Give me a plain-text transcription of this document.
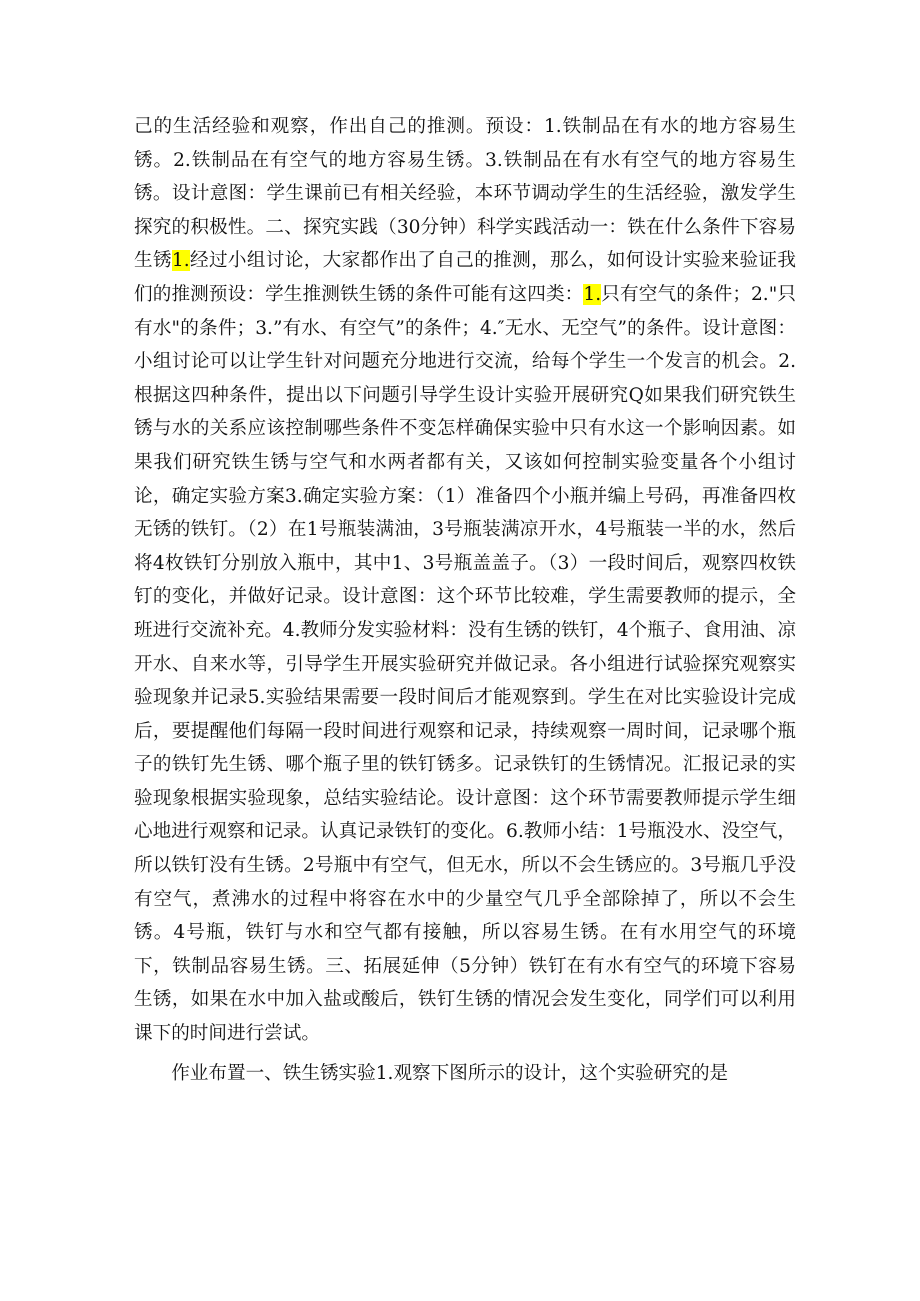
己的生活经验和观察，作出自己的推测。预设：1.铁制品在有水的地方容易生锈。2.铁制品在有空气的地方容易生锈。3.铁制品在有水有空气的地方容易生锈。设计意图：学生课前已有相关经验，本环节调动学生的生活经验，激发学生探究的积极性。二、探究实践（30分钟）科学实践活动一：铁在什么条件下容易生锈1.经过小组讨论，大家都作出了自己的推测，那么，如何设计实验来验证我们的推测预设：学生推测铁生锈的条件可能有这四类：1.只有空气的条件；2."只有水"的条件；3.”有水、有空气”的条件；4.″无水、无空气”的条件。设计意图：小组讨论可以让学生针对问题充分地进行交流，给每个学生一个发言的机会。2.根据这四种条件，提出以下问题引导学生设计实验开展研究Q如果我们研究铁生锈与水的关系应该控制哪些条件不变怎样确保实验中只有水这一个影响因素。如果我们研究铁生锈与空气和水两者都有关，又该如何控制实验变量各个小组讨论，确定实验方案3.确定实验方案：（1）准备四个小瓶并编上号码，再准备四枚无锈的铁钉。（2）在1号瓶装满油，3号瓶装满凉开水，4号瓶装一半的水，然后将4枚铁钉分别放入瓶中，其中1、3号瓶盖盖子。（3）一段时间后，观察四枚铁钉的变化，并做好记录。设计意图：这个环节比较难，学生需要教师的提示，全班进行交流补充。4.教师分发实验材料：没有生锈的铁钉，4个瓶子、食用油、凉开水、自来水等，引导学生开展实验研究并做记录。各小组进行试验探究观察实验现象并记录5.实验结果需要一段时间后才能观察到。学生在对比实验设计完成后，要提醒他们每隔一段时间进行观察和记录，持续观察一周时间，记录哪个瓶子的铁钉先生锈、哪个瓶子里的铁钉锈多。记录铁钉的生锈情况。汇报记录的实验现象根据实验现象，总结实验结论。设计意图：这个环节需要教师提示学生细心地进行观察和记录。认真记录铁钉的变化。6.教师小结：1号瓶没水、没空气，所以铁钉没有生锈。2号瓶中有空气，但无水，所以不会生锈应的。3号瓶几乎没有空气，煮沸水的过程中将容在水中的少量空气几乎全部除掉了，所以不会生锈。4号瓶，铁钉与水和空气都有接触，所以容易生锈。在有水用空气的环境下，铁制品容易生锈。三、拓展延伸（5分钟）铁钉在有水有空气的环境下容易生锈，如果在水中加入盐或酸后，铁钉生锈的情况会发生变化，同学们可以利用课下的时间进行尝试。

作业布置一、铁生锈实验1.观察下图所示的设计，这个实验研究的是
